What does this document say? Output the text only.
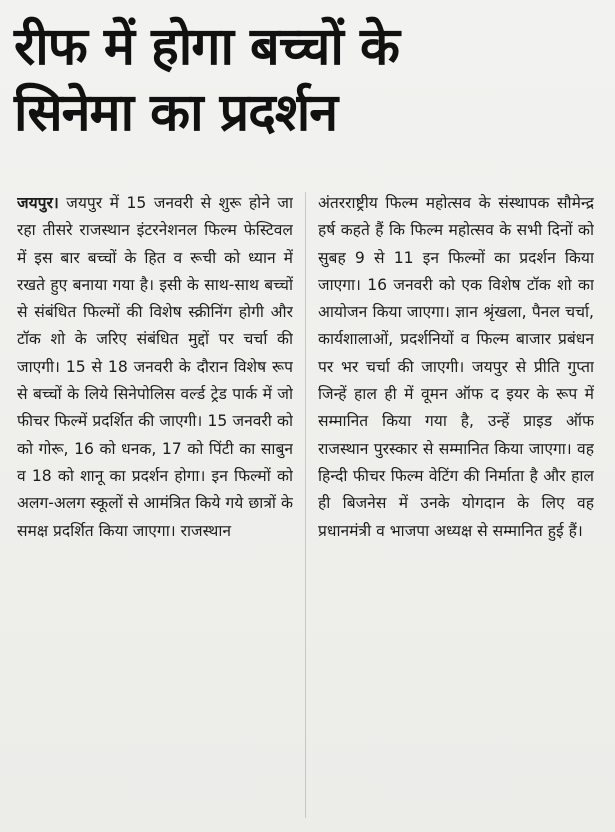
रीफ में होगा बच्चों के
सिनेमा का प्रदर्शन

जयपुर। जयपुर में 15 जनवरी से शुरू होने जा रहा तीसरे राजस्थान इंटरनेशनल फिल्म फेस्टिवल में इस बार बच्चों के हित व रूची को ध्यान में रखते हुए बनाया गया है। इसी के साथ-साथ बच्चों से संबंधित फिल्मों की विशेष स्क्रीनिंग होगी और टॉक शो के जरिए संबंधित मुद्दों पर चर्चा की जाएगी। 15 से 18 जनवरी के दौरान विशेष रूप से बच्चों के लिये सिनेपोलिस वर्ल्ड ट्रेड पार्क में जो फीचर फिल्में प्रदर्शित की जाएगी। 15 जनवरी को को गोरू, 16 को धनक, 17 को पिंटी का साबुन व 18 को शानू का प्रदर्शन होगा। इन फिल्मों को अलग-अलग स्कूलों से आमंत्रित किये गये छात्रों के समक्ष प्रदर्शित किया जाएगा। राजस्थान

अंतरराष्ट्रीय फिल्म महोत्सव के संस्थापक सौमेन्द्र हर्ष कहते हैं कि फिल्म महोत्सव के सभी दिनों को सुबह 9 से 11 इन फिल्मों का प्रदर्शन किया जाएगा। 16 जनवरी को एक विशेष टॉक शो का आयोजन किया जाएगा। ज्ञान श्रृंखला, पैनल चर्चा, कार्यशालाओं, प्रदर्शनियों व फिल्म बाजार प्रबंधन पर भर चर्चा की जाएगी। जयपुर से प्रीति गुप्ता जिन्हें हाल ही में वूमन ऑफ द इयर के रूप में सम्मानित किया गया है, उन्हें प्राइड ऑफ राजस्थान पुरस्कार से सम्मानित किया जाएगा। वह हिन्दी फीचर फिल्म वेटिंग की निर्माता है और हाल ही बिजनेस में उनके योगदान के लिए वह प्रधानमंत्री व भाजपा अध्यक्ष से सम्मानित हुई हैं।
